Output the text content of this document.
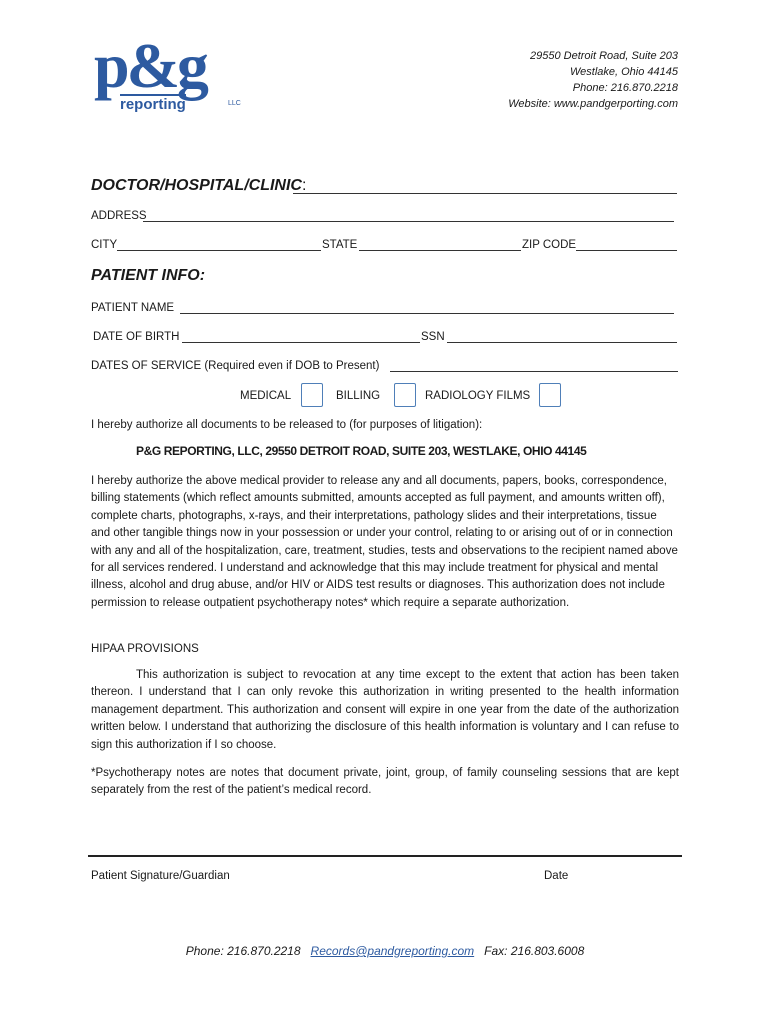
p&g
reporting	LLC
29550 Detroit Road, Suite 203
Westlake, Ohio 44145
Phone: 216.870.2218
Website: www.pandgerporting.com
DOCTOR/HOSPITAL/CLINIC:
ADDRESS
CITY	STATE	ZIP CODE
PATIENT INFO:
PATIENT NAME
DATE OF BIRTH	SSN
DATES OF SERVICE (Required even if DOB to Present)
MEDICAL	BILLING	RADIOLOGY FILMS
I hereby authorize all documents to be released to (for purposes of litigation):
P&G REPORTING, LLC, 29550 DETROIT ROAD, SUITE 203, WESTLAKE, OHIO 44145
I hereby authorize the above medical provider to release any and all documents, papers, books, correspondence, billing statements (which reflect amounts submitted, amounts accepted as full payment, and amounts written off), complete charts, photographs, x-rays, and their interpretations, pathology slides and their interpretations, tissue and other tangible things now in your possession or under your control, relating to or arising out of or in connection with any and all of the hospitalization, care, treatment, studies, tests and observations to the recipient named above for all services rendered. I understand and acknowledge that this may include treatment for physical and mental illness, alcohol and drug abuse, and/or HIV or AIDS test results or diagnoses. This authorization does not include permission to release outpatient psychotherapy notes* which require a separate authorization.
HIPAA PROVISIONS
This authorization is subject to revocation at any time except to the extent that action has been taken thereon. I understand that I can only revoke this authorization in writing presented to the health information management department. This authorization and consent will expire in one year from the date of the authorization written below. I understand that authorizing the disclosure of this health information is voluntary and I can refuse to sign this authorization if I so choose.
*Psychotherapy notes are notes that document private, joint, group, of family counseling sessions that are kept separately from the rest of the patient’s medical record.
Patient Signature/Guardian	Date
Phone: 216.870.2218 Records@pandgreporting.com Fax: 216.803.6008
